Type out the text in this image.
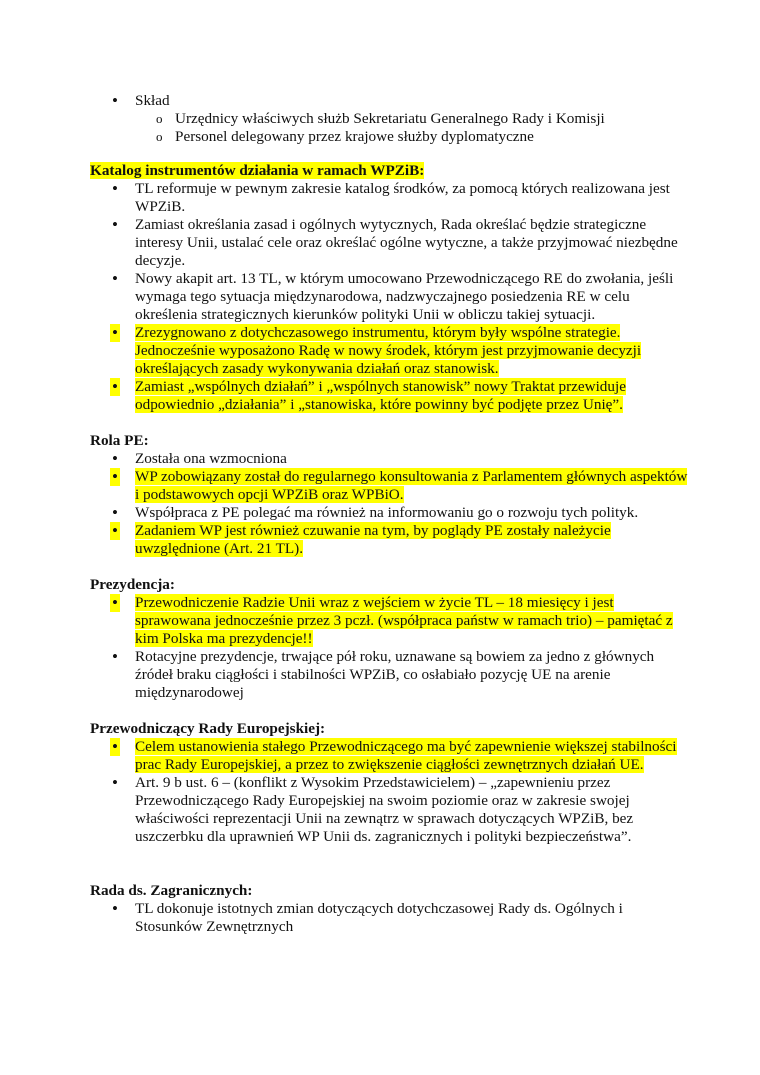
• Skład
o Urzędnicy właściwych służb Sekretariatu Generalnego Rady i Komisji
o Personel delegowany przez krajowe służby dyplomatyczne

Katalog instrumentów działania w ramach WPZiB:

• TL reformuje w pewnym zakresie katalog środków, za pomocą których realizowana jest WPZiB.
• Zamiast określania zasad i ogólnych wytycznych, Rada określać będzie strategiczne interesy Unii, ustalać cele oraz określać ogólne wytyczne, a także przyjmować niezbędne decyzje.
• Nowy akapit art. 13 TL, w którym umocowano Przewodniczącego RE do zwołania, jeśli wymaga tego sytuacja międzynarodowa, nadzwyczajnego posiedzenia RE w celu określenia strategicznych kierunków polityki Unii w obliczu takiej sytuacji.
• Zrezygnowano z dotychczasowego instrumentu, którym były wspólne strategie. Jednocześnie wyposażono Radę w nowy środek, którym jest przyjmowanie decyzji określających zasady wykonywania działań oraz stanowisk.
• Zamiast „wspólnych działań” i „wspólnych stanowisk” nowy Traktat przewiduje odpowiednio „działania” i „stanowiska, które powinny być podjęte przez Unię”.

Rola PE:

• Została ona wzmocniona
• WP zobowiązany został do regularnego konsultowania z Parlamentem głównych aspektów i podstawowych opcji WPZiB oraz WPBiO.
• Współpraca z PE polegać ma również na informowaniu go o rozwoju tych polityk.
• Zadaniem WP jest również czuwanie na tym, by poglądy PE zostały należycie uwzględnione (Art. 21 TL).

Prezydencja:

• Przewodniczenie Radzie Unii wraz z wejściem w życie TL – 18 miesięcy i jest sprawowana jednocześnie przez 3 pczł. (współpraca państw w ramach trio) – pamiętać z kim Polska ma prezydencje!!
• Rotacyjne prezydencje, trwające pół roku, uznawane są bowiem za jedno z głównych źródeł braku ciągłości i stabilności WPZiB, co osłabiało pozycję UE na arenie międzynarodowej

Przewodniczący Rady Europejskiej:

• Celem ustanowienia stałego Przewodniczącego ma być zapewnienie większej stabilności prac Rady Europejskiej, a przez to zwiększenie ciągłości zewnętrznych działań UE.
• Art. 9 b ust. 6 – (konflikt z Wysokim Przedstawicielem) – „zapewnieniu przez Przewodniczącego Rady Europejskiej na swoim poziomie oraz w zakresie swojej właściwości reprezentacji Unii na zewnątrz w sprawach dotyczących WPZiB, bez uszczerbku dla uprawnień WP Unii ds. zagranicznych i polityki bezpieczeństwa”.

Rada ds. Zagranicznych:

• TL dokonuje istotnych zmian dotyczących dotychczasowej Rady ds. Ogólnych i Stosunków Zewnętrznych
